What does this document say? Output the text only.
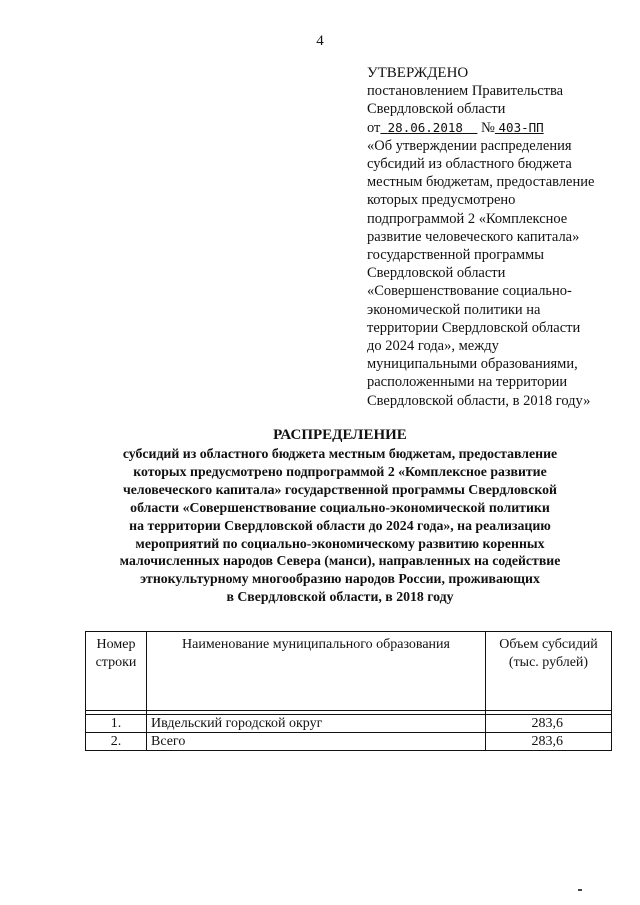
4
УТВЕРЖДЕНО
постановлением Правительства
Свердловской области
от 28.06.2018 № 403-ПП
«Об утверждении распределения
субсидий из областного бюджета
местным бюджетам, предоставление
которых предусмотрено
подпрограммой 2 «Комплексное
развитие человеческого капитала»
государственной программы
Свердловской области
«Совершенствование социально-
экономической политики на
территории Свердловской области
до 2024 года», между
муниципальными образованиями,
расположенными на территории
Свердловской области, в 2018 году»
РАСПРЕДЕЛЕНИЕ
субсидий из областного бюджета местным бюджетам, предоставление
которых предусмотрено подпрограммой 2 «Комплексное развитие
человеческого капитала» государственной программы Свердловской
области «Совершенствование социально-экономической политики
на территории Свердловской области до 2024 года», на реализацию
мероприятий по социально-экономическому развитию коренных
малочисленных народов Севера (манси), направленных на содействие
этнокультурному многообразию народов России, проживающих
в Свердловской области, в 2018 году
Номер
строки	Наименование муниципального образования	Объем субсидий
(тыс. рублей)

1.	Ивдельский городской округ	283,6
2.	Всего	283,6
